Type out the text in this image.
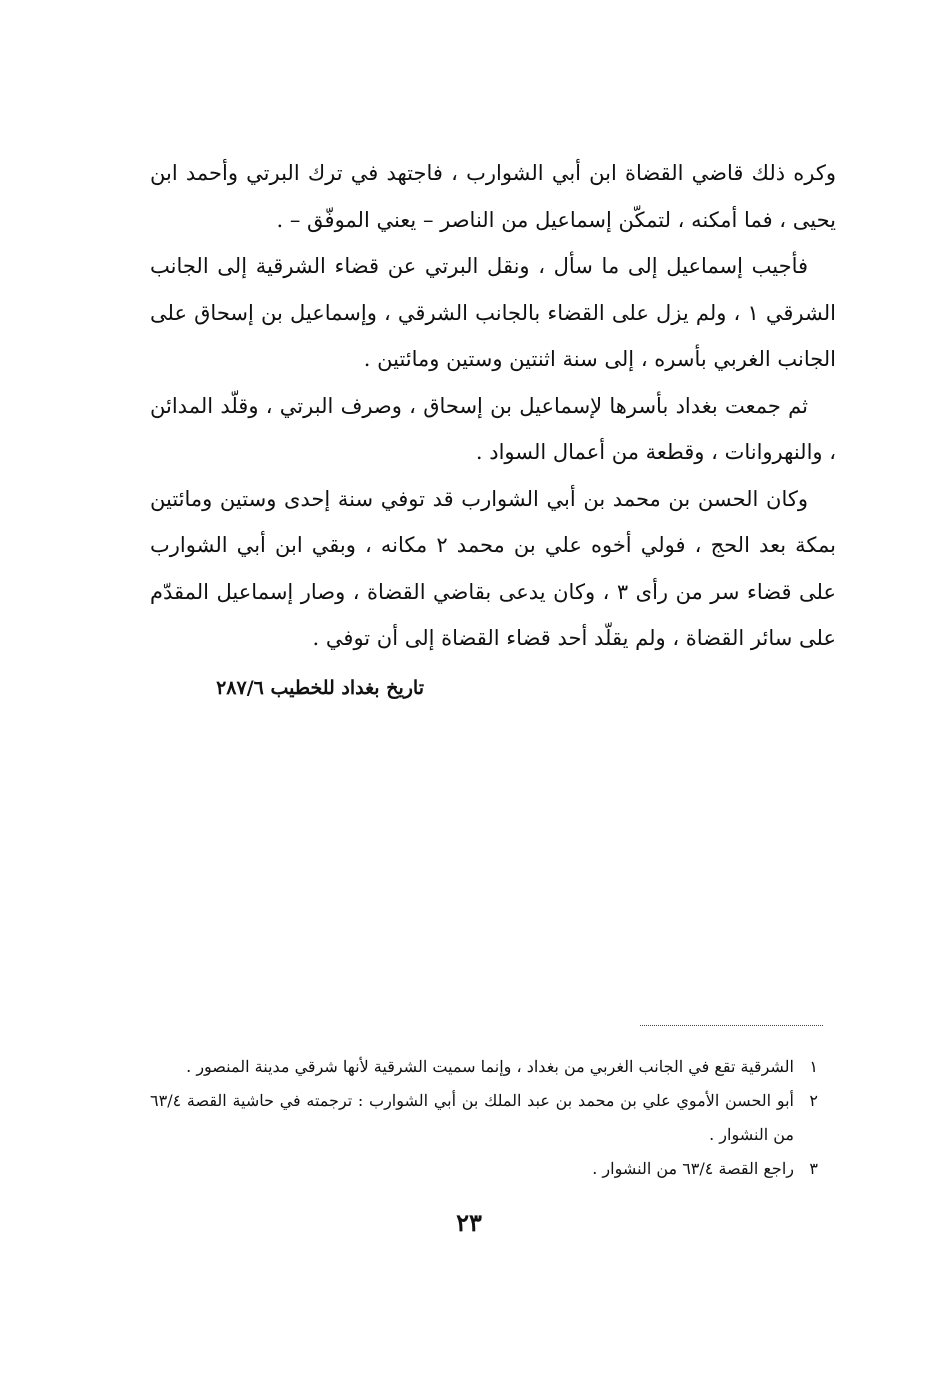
وكره ذلك قاضي القضاة ابن أبي الشوارب ، فاجتهد في ترك البرتي وأحمد ابن يحيى ، فما أمكنه ، لتمكّن إسماعيل من الناصر – يعني الموفّق – .

فأجيب إسماعيل إلى ما سأل ، ونقل البرتي عن قضاء الشرقية إلى الجانب الشرقي ١ ، ولم يزل على القضاء بالجانب الشرقي ، وإسماعيل بن إسحاق على الجانب الغربي بأسره ، إلى سنة اثنتين وستين ومائتين .

ثم جمعت بغداد بأسرها لإسماعيل بن إسحاق ، وصرف البرتي ، وقلّد المدائن ، والنهروانات ، وقطعة من أعمال السواد .

وكان الحسن بن محمد بن أبي الشوارب قد توفي سنة إحدى وستين ومائتين بمكة بعد الحج ، فولي أخوه علي بن محمد ٢ مكانه ، وبقي ابن أبي الشوارب على قضاء سر من رأى ٣ ، وكان يدعى بقاضي القضاة ، وصار إسماعيل المقدّم على سائر القضاة ، ولم يقلّد أحد قضاء القضاة إلى أن توفي .

تاريخ بغداد للخطيب ٢٨٧/٦

١
الشرقية تقع في الجانب الغربي من بغداد ، وإنما سميت الشرقية لأنها شرقي مدينة المنصور .

٢
أبو الحسن الأموي علي بن محمد بن عبد الملك بن أبي الشوارب : ترجمته في حاشية القصة ٦٣/٤ من النشوار .

٣
راجع القصة ٦٣/٤ من النشوار .

٢٣
